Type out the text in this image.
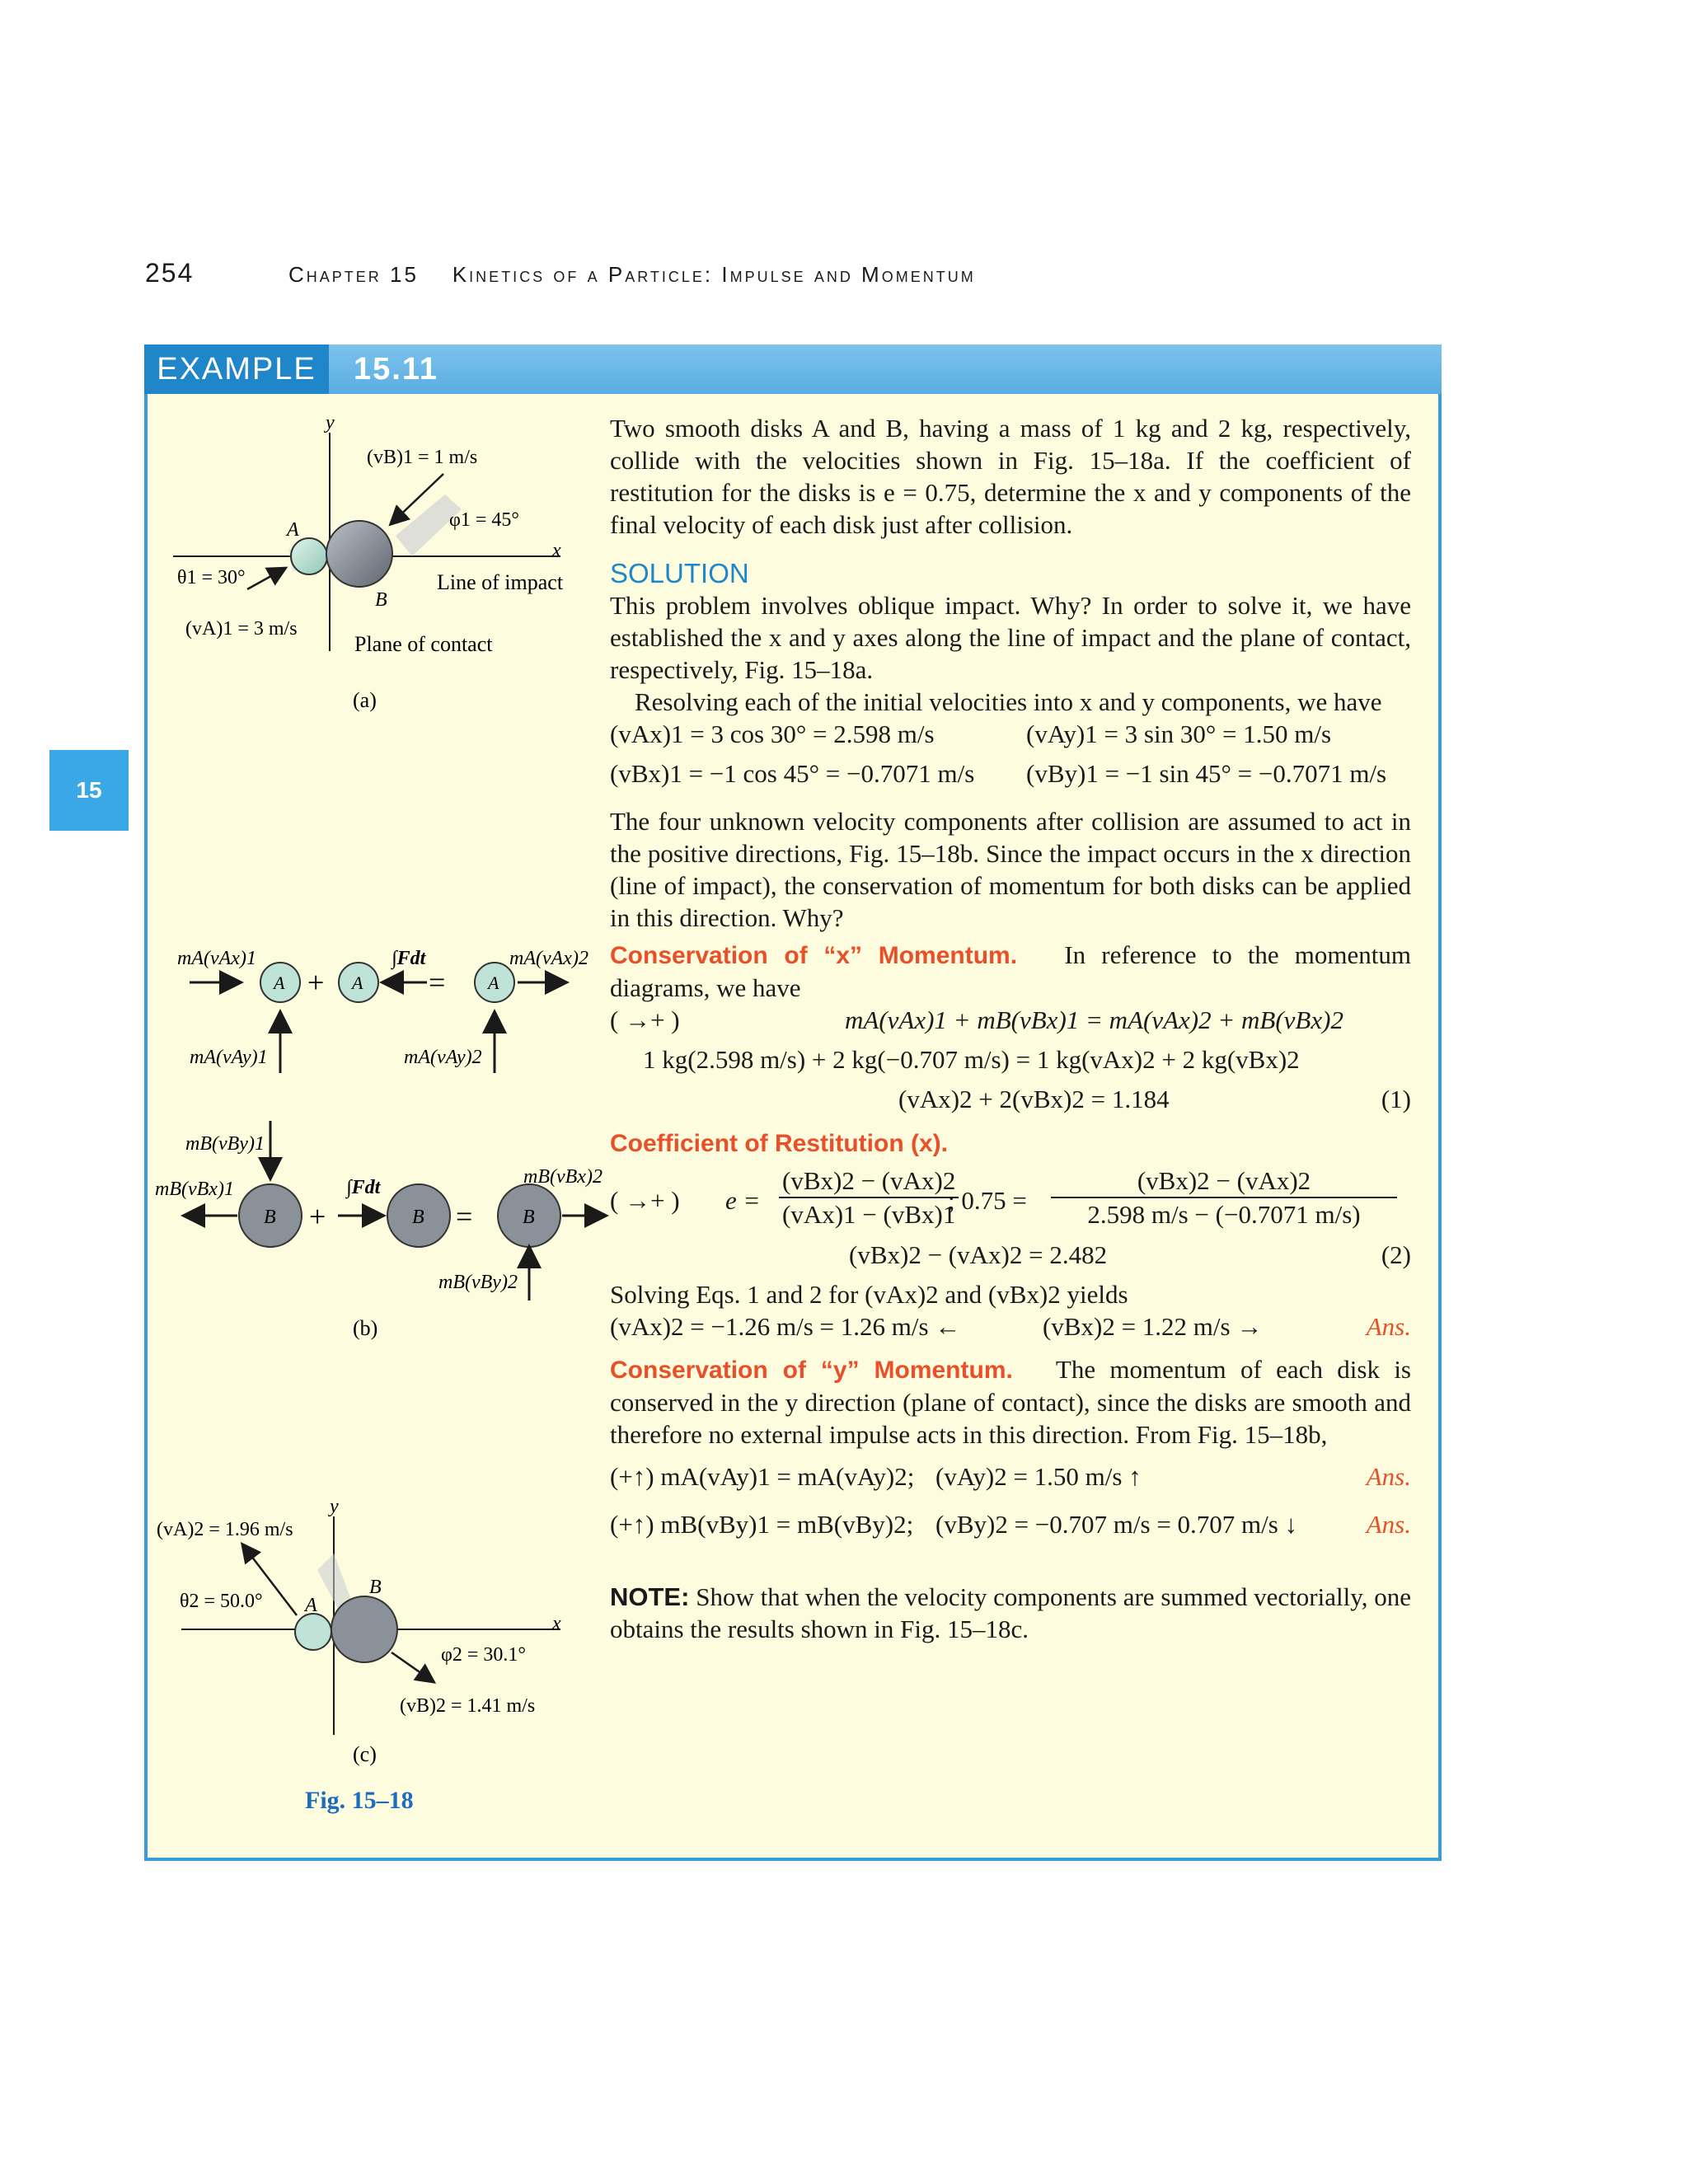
254	Chapter 15 Kinetics of a Particle: Impulse and Momentum
EXAMPLE	15.11
15
y
x
(vB)1 = 1 m/s
φ1 = 45°
A
B
θ1 = 30°
(vA)1 = 3 m/s
Line of impact
Plane of contact
(a)
mA(vAx)1
A + A
∫Fdt
= A
mA(vAx)2
mA(vAy)1	mA(vAy)2
mB(vBy)1
mB(vBx)1
B +
∫Fdt
B =	B
mB(vBx)2
mB(vBy)2
(b)
y
x
(vA)2 = 1.96 m/s
θ2 = 50.0° A
B
φ2 = 30.1°
(vB)2 = 1.41 m/s
(c)
Fig. 15–18

Two smooth disks A and B, having a mass of 1 kg and 2 kg, respectively, collide with the velocities shown in Fig. 15–18a. If the coefficient of restitution for the disks is e = 0.75, determine the x and y components of the final velocity of each disk just after collision.

SOLUTION

This problem involves oblique impact. Why? In order to solve it, we have established the x and y axes along the line of impact and the plane of contact, respectively, Fig. 15–18a.

Resolving each of the initial velocities into x and y components, we have

(vAx)1 = 3 cos 30° = 2.598 m/s	(vAy)1 = 3 sin 30° = 1.50 m/s
(vBx)1 = −1 cos 45° = −0.7071 m/s (vBy)1 = −1 sin 45° = −0.7071 m/s

The four unknown velocity components after collision are assumed to act in the positive directions, Fig. 15–18b. Since the impact occurs in the x direction (line of impact), the conservation of momentum for both disks can be applied in this direction. Why?

Conservation of “x” Momentum. In reference to the momentum diagrams, we have

( →+ )	mA(vAx)1 + mB(vBx)1 = mA(vAx)2 + mB(vBx)2
1 kg(2.598 m/s) + 2 kg(−0.707 m/s) = 1 kg(vAx)2 + 2 kg(vBx)2
(vAx)2 + 2(vBx)2 = 1.184	(1)

Coefficient of Restitution (x).

( →+ ) e =
(vBx)2 − (vAx)2
(vAx)1 − (vBx)1
; 0.75 =
(vBx)2 − (vAx)2
2.598 m/s − (−0.7071 m/s)
(vBx)2 − (vAx)2 = 2.482	(2)

Solving Eqs. 1 and 2 for (vAx)2 and (vBx)2 yields

(vAx)2 = −1.26 m/s = 1.26 m/s ←	(vBx)2 = 1.22 m/s →	Ans.

Conservation of “y” Momentum. The momentum of each disk is conserved in the y direction (plane of contact), since the disks are smooth and therefore no external impulse acts in this direction. From Fig. 15–18b,

(+↑) mA(vAy)1 = mA(vAy)2; (vAy)2 = 1.50 m/s ↑	Ans.
(+↑) mB(vBy)1 = mB(vBy)2; (vBy)2 = −0.707 m/s = 0.707 m/s ↓	Ans.

NOTE: Show that when the velocity components are summed vectorially, one obtains the results shown in Fig. 15–18c.
